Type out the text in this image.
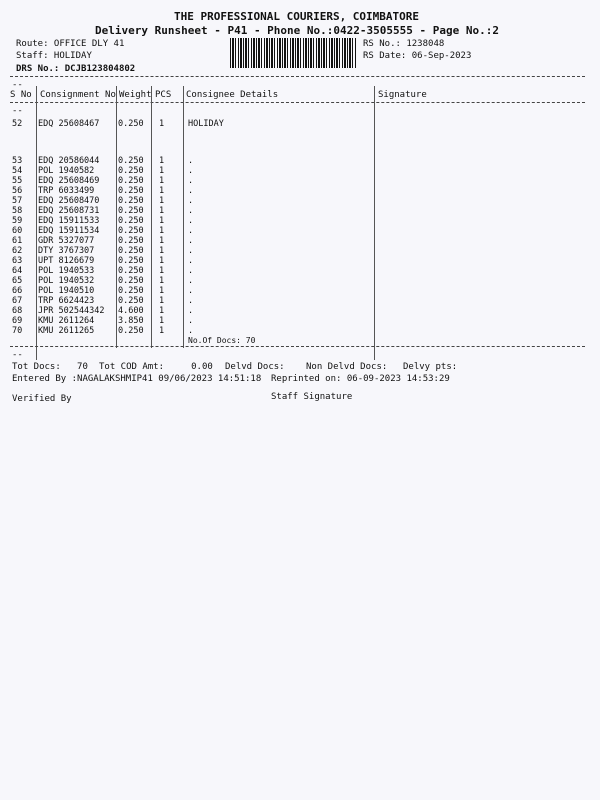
THE PROFESSIONAL COURIERS, COIMBATORE
Delivery Runsheet - P41 - Phone No.:0422-3505555 - Page No.:2
Route: OFFICE DLY 41
Staff: HOLIDAY
DRS No.: DCJB123804802
RS No.: 1238048
RS Date: 06-Sep-2023
--
--
S No Consignment No Weight PCS Consignee Details	Signature
52 EDQ 25608467 0.250 1	HOLIDAY
53 EDQ 20586044 0.250 1	.
54 POL 1940582	0.250 1	.
55 EDQ 25608469 0.250 1	.
56 TRP 6033499	0.250 1	.
57 EDQ 25608470 0.250 1	.
58 EDQ 25608731 0.250 1	.
59 EDQ 15911533 0.250 1	.
60 EDQ 15911534 0.250 1	.
61 GDR 5327077	0.250 1	.
62 DTY 3767307	0.250 1	.
63 UPT 8126679	0.250 1	.
64 POL 1940533	0.250 1	.
65 POL 1940532	0.250 1	.
66 POL 1940510	0.250 1	.
67 TRP 6624423	0.250 1	.
68 JPR 502544342 4.600 1	.
69 KMU 2611264	3.850 1	.
70 KMU 2611265	0.250 1	.
No.Of Docs: 70
--
Tot Docs:   70 Tot COD Amt:     0.00 Delvd Docs: Non Delvd Docs: Delvy pts:
Entered By :NAGALAKSHMIP41 09/06/2023 14:51:18 Reprinted on: 06-09-2023 14:53:29
Verified By	Staff Signature
